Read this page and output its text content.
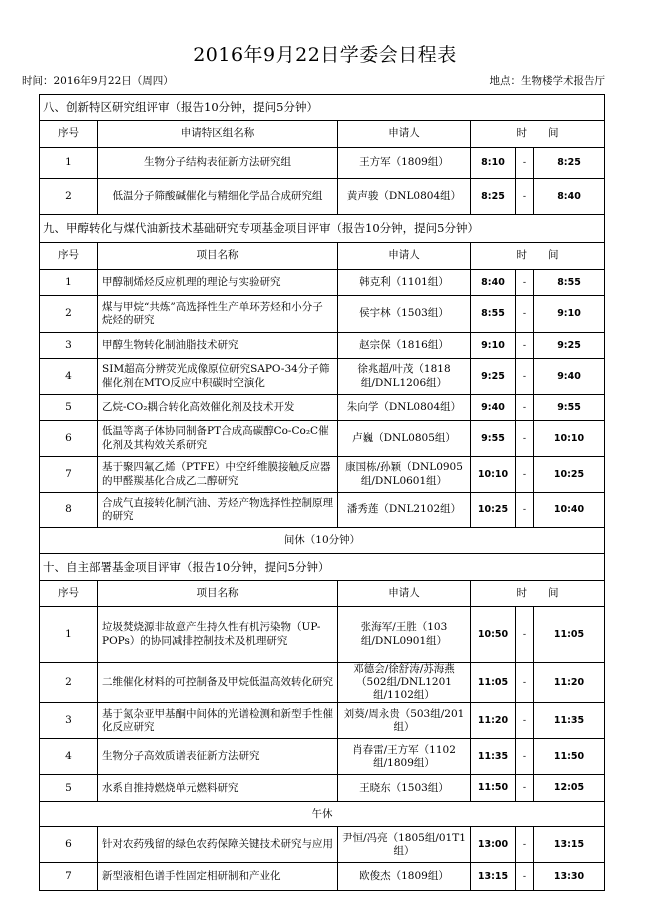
2016年9月22日学委会日程表
时间：2016年9月22日（周四）	地点：生物楼学术报告厅
八、创新特区研究组评审（报告10分钟，提问5分钟）					
序号	申请特区组名称	申请人	时　　间		
1	生物分子结构表征新方法研究组	王方军（1809组）	8:10	-	8:25
2	低温分子筛酸碱催化与精细化学品合成研究组	黄声骏（DNL0804组）	8:25	-	8:40
九、甲醇转化与煤代油新技术基础研究专项基金项目评审（报告10分钟，提问5分钟）					
序号	项目名称	申请人	时　　间		
1	甲醇制烯烃反应机理的理论与实验研究	韩克利（1101组）	8:40	-	8:55
2	煤与甲烷“共炼”高选择性生产单环芳烃和小分子烷烃的研究	侯宇林（1503组）	8:55	-	9:10
3	甲醇生物转化制油脂技术研究	赵宗保（1816组）	9:10	-	9:25
4	SIM超高分辨荧光成像原位研究SAPO-34分子筛催化剂在MTO反应中积碳时空演化	徐兆超/叶茂（1818组/DNL1206组）	9:25	-	9:40
5	乙烷-CO₂耦合转化高效催化剂及技术开发	朱向学（DNL0804组）	9:40	-	9:55
6	低温等离子体协同制备PT合成高碳醇Co-Co₂C催化剂及其构效关系研究	卢巍（DNL0805组）	9:55	-	10:10
7	基于聚四氟乙烯（PTFE）中空纤维膜接触反应器的甲醛羰基化合成乙二醇研究	康国栋/孙颖（DNL0905组/DNL0601组）	10:10	-	10:25
8	合成气直接转化制汽油、芳烃产物选择性控制原理的研究	潘秀莲（DNL2102组）	10:25	-	10:40
间休（10分钟）					
十、自主部署基金项目评审（报告10分钟，提问5分钟）					
序号	项目名称	申请人	时　　间		
1	垃圾焚烧源非故意产生持久性有机污染物（UP-POPs）的协同减排控制技术及机理研究	张海军/王胜（103组/DNL0901组）	10:50	-	11:05
2	二维催化材料的可控制备及甲烷低温高效转化研究	邓德会/徐舒涛/苏海燕（502组/DNL1201组/1102组）	11:05	-	11:20
3	基于氮杂亚甲基酮中间体的光谱检测和新型手性催化反应研究	刘葵/周永贵（503组/201组）	11:20	-	11:35
4	生物分子高效质谱表征新方法研究	肖春雷/王方军（1102组/1809组）	11:35	-	11:50
5	水系自推持燃烧单元燃料研究	王晓东（1503组）	11:50	-	12:05
午休					
6	针对农药残留的绿色农药保障关键技术研究与应用	尹恒/冯亮（1805组/01T1组）	13:00	-	13:15
7	新型液相色谱手性固定相研制和产业化	欧俊杰（1809组）	13:15	-	13:30
